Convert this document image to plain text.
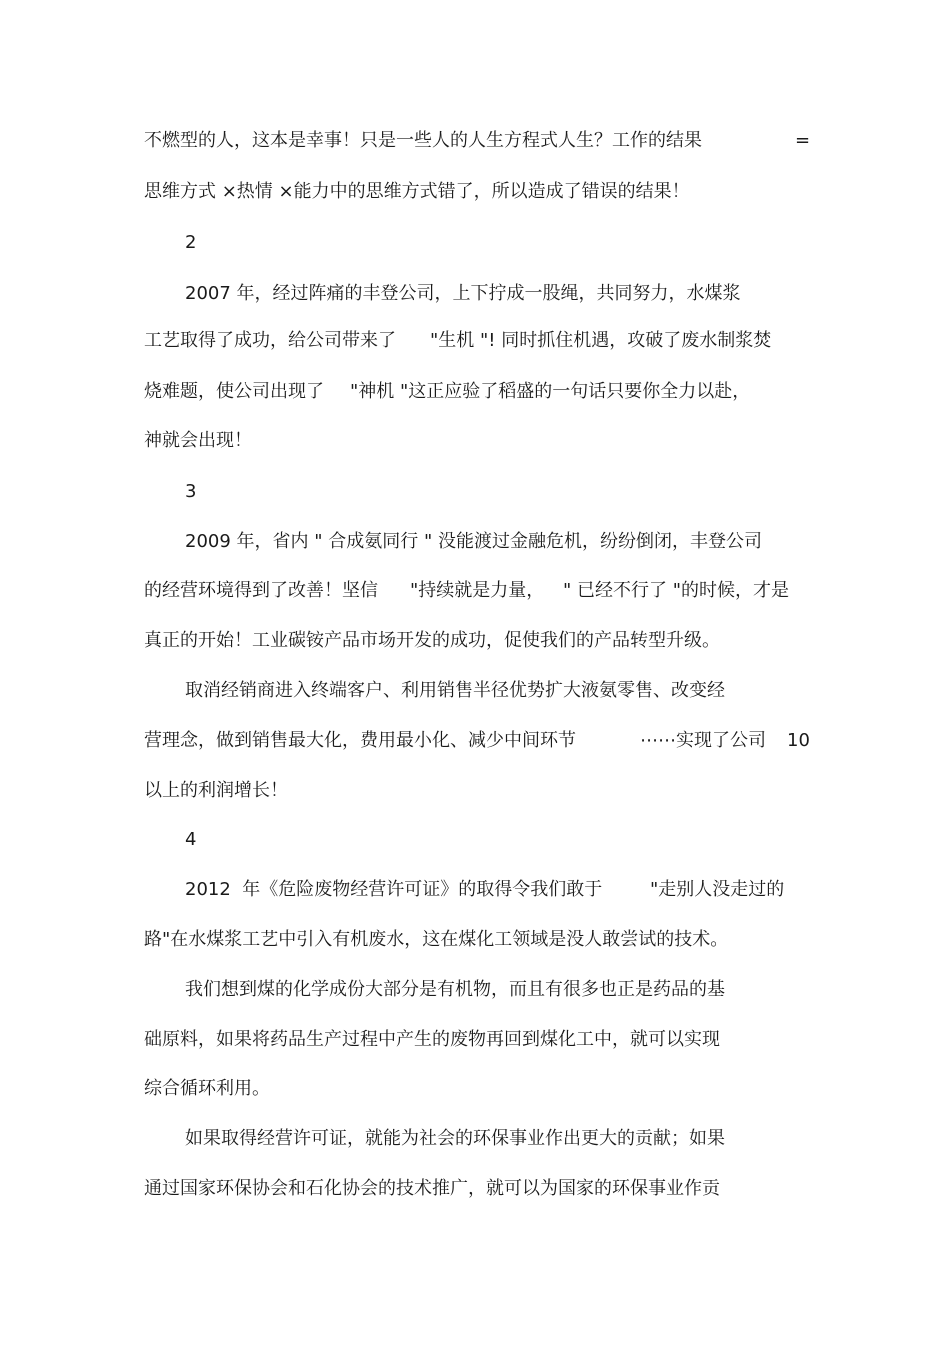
不燃型的人，这本是幸事！只是一些人的人生方程式人生？工作的结果

	=

思维方式 ×热情 ×能力中的思维方式错了，所以造成了错误的结果！

2

2007 年，经过阵痛的丰登公司，上下拧成一股绳，共同努力，水煤浆

工艺取得了成功，给公司带来了

"生机 "! 同时抓住机遇，攻破了废水制浆焚

烧难题，使公司出现了

"神机 "这正应验了稻盛的一句话只要你全力以赴，

神就会出现！

3

2009 年，省内 " 合成氨同行 " 没能渡过金融危机，纷纷倒闭，丰登公司

的经营环境得到了改善！坚信

"持续就是力量，

" 已经不行了 "的时候，才是

真正的开始！工业碳铵产品市场开发的成功，促使我们的产品转型升级。

取消经销商进入终端客户、利用销售半径优势扩大液氨零售、改变经

营理念，做到销售最大化，费用最小化、减少中间环节

	⋯⋯实现了公司

10

以上的利润增长！

4

2012  年《危险废物经营许可证》的取得令我们敢于

	"走别人没走过的

路"在水煤浆工艺中引入有机废水，这在煤化工领域是没人敢尝试的技术。

我们想到煤的化学成份大部分是有机物，而且有很多也正是药品的基

础原料，如果将药品生产过程中产生的废物再回到煤化工中，就可以实现

综合循环利用。

如果取得经营许可证，就能为社会的环保事业作出更大的贡献；如果

通过国家环保协会和石化协会的技术推广，就可以为国家的环保事业作贡
